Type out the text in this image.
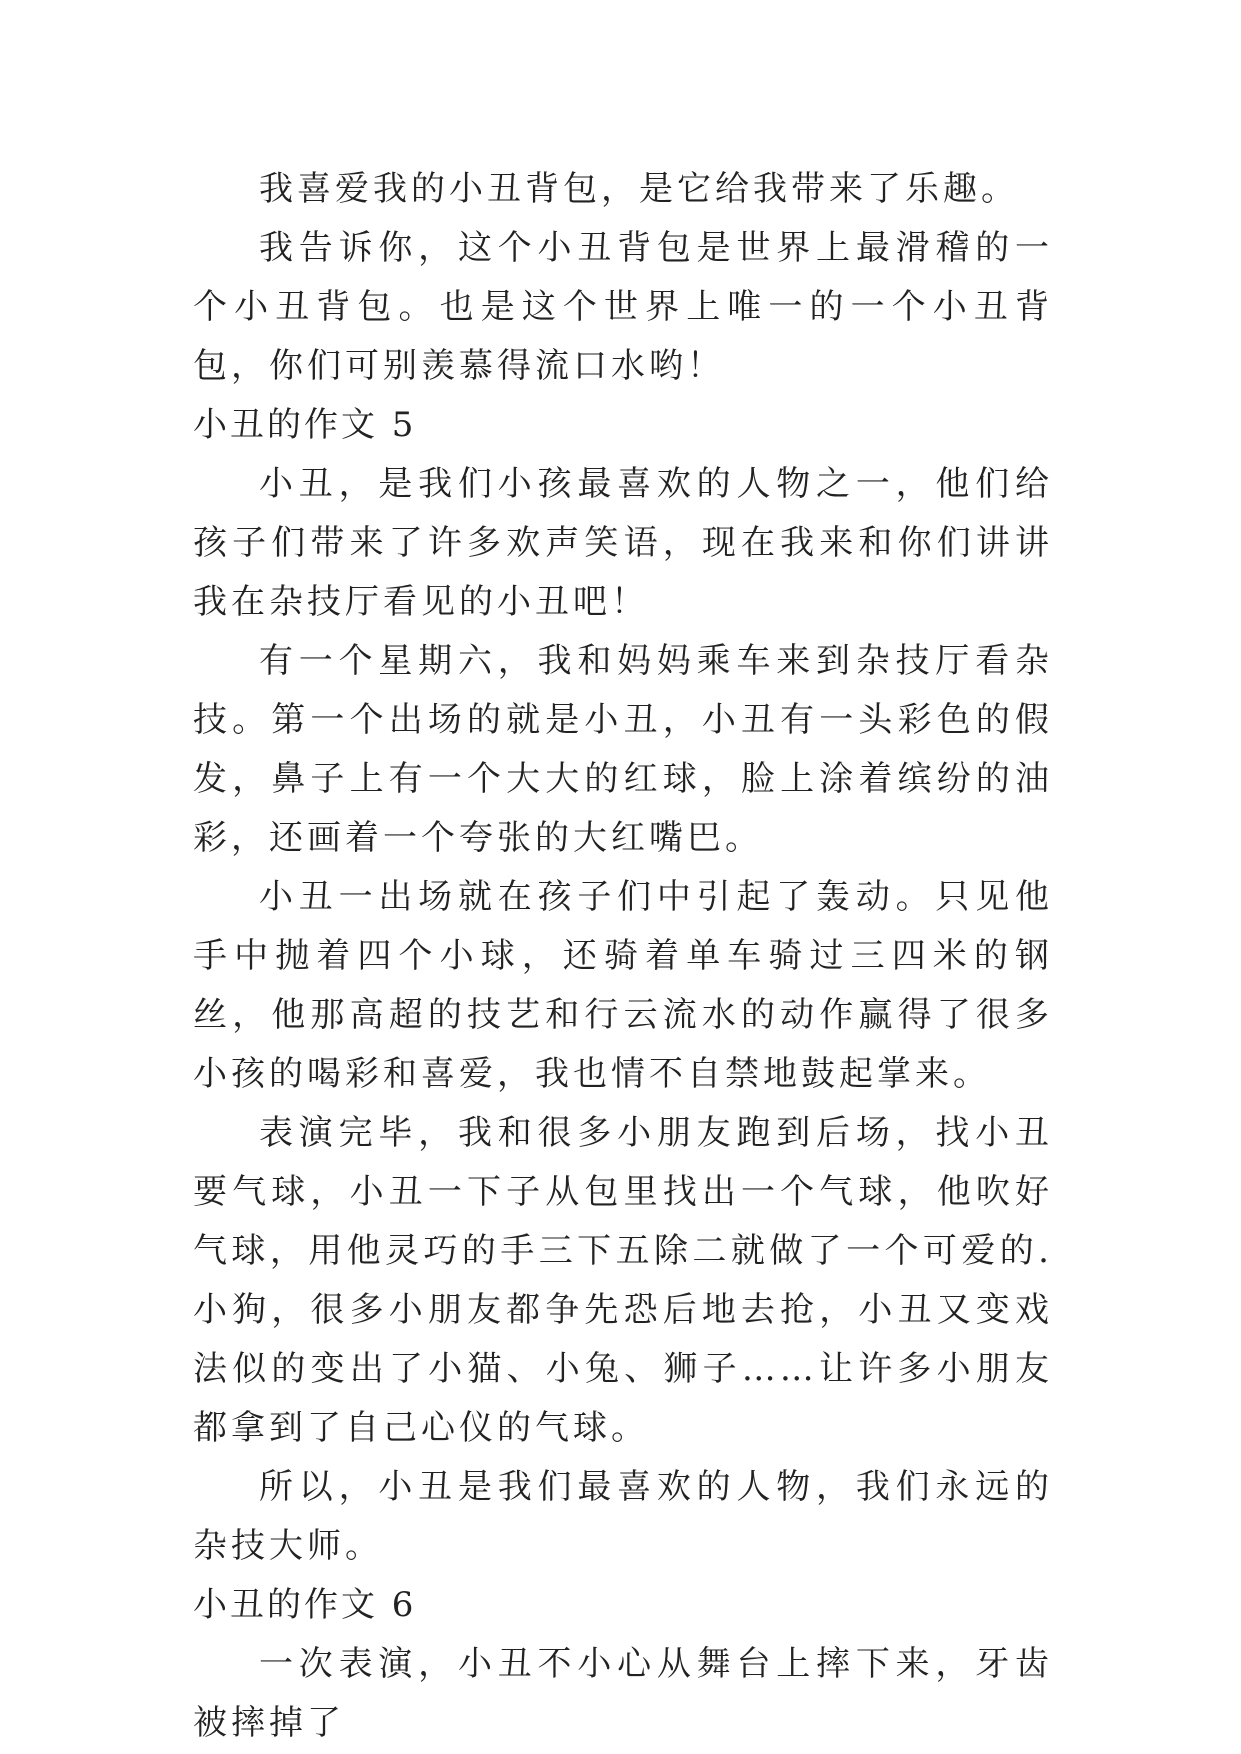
我喜爱我的小丑背包，是它给我带来了乐趣。

我告诉你，这个小丑背包是世界上最滑稽的一个小丑背包。也是这个世界上唯一的一个小丑背包，你们可别羡慕得流口水哟！

小丑的作文 5

小丑，是我们小孩最喜欢的人物之一，他们给孩子们带来了许多欢声笑语，现在我来和你们讲讲我在杂技厅看见的小丑吧！

有一个星期六，我和妈妈乘车来到杂技厅看杂技。第一个出场的就是小丑，小丑有一头彩色的假发，鼻子上有一个大大的红球，脸上涂着缤纷的油彩，还画着一个夸张的大红嘴巴。

小丑一出场就在孩子们中引起了轰动。只见他手中抛着四个小球，还骑着单车骑过三四米的钢丝，他那高超的技艺和行云流水的动作赢得了很多小孩的喝彩和喜爱，我也情不自禁地鼓起掌来。

表演完毕，我和很多小朋友跑到后场，找小丑要气球，小丑一下子从包里找出一个气球，他吹好气球，用他灵巧的手三下五除二就做了一个可爱的.小狗，很多小朋友都争先恐后地去抢，小丑又变戏法似的变出了小猫、小兔、狮子……让许多小朋友都拿到了自己心仪的气球。

所以，小丑是我们最喜欢的人物，我们永远的杂技大师。

小丑的作文 6

一次表演，小丑不小心从舞台上摔下来，牙齿被摔掉了
